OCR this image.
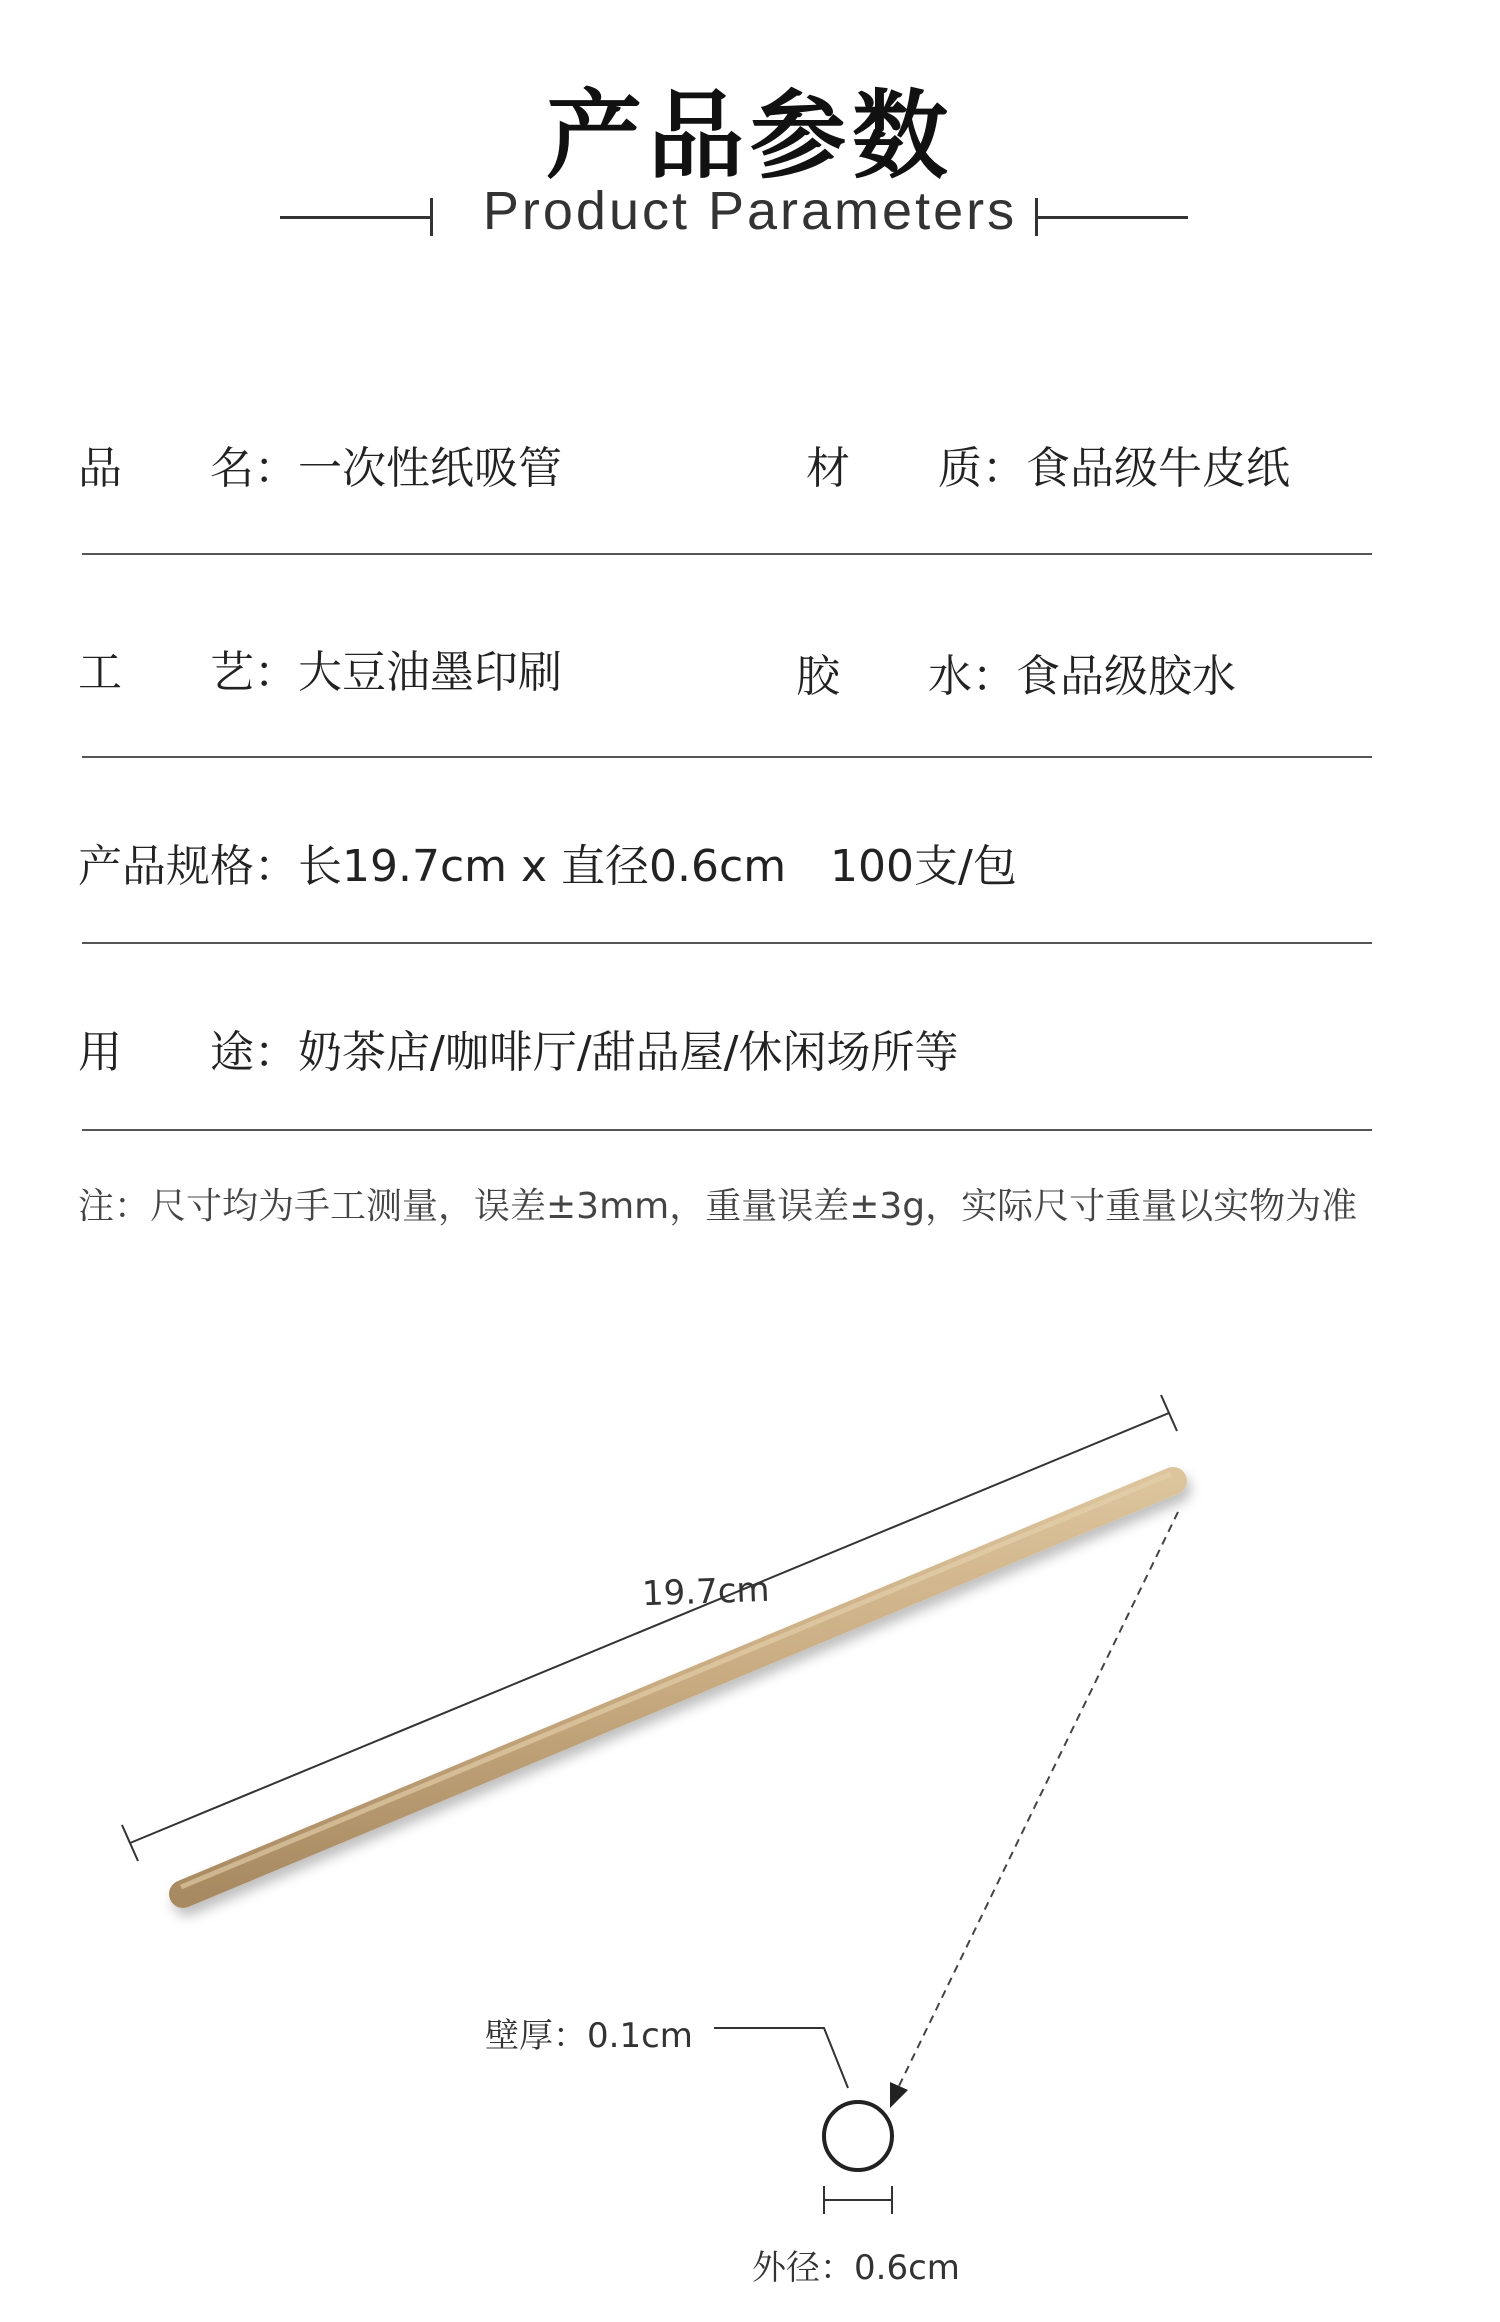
产品参数
Product Parameters
品　　名：一次性纸吸管	材　　质：食品级牛皮纸
工　　艺：大豆油墨印刷	胶　　水：食品级胶水
产品规格：长19.7cm x 直径0.6cm　100支/包
用　　途：奶茶店/咖啡厅/甜品屋/休闲场所等
注：尺寸均为手工测量，误差±3mm，重量误差±3g，实际尺寸重量以实物为准
19.7cm
壁厚：0.1cm
外径：0.6cm
